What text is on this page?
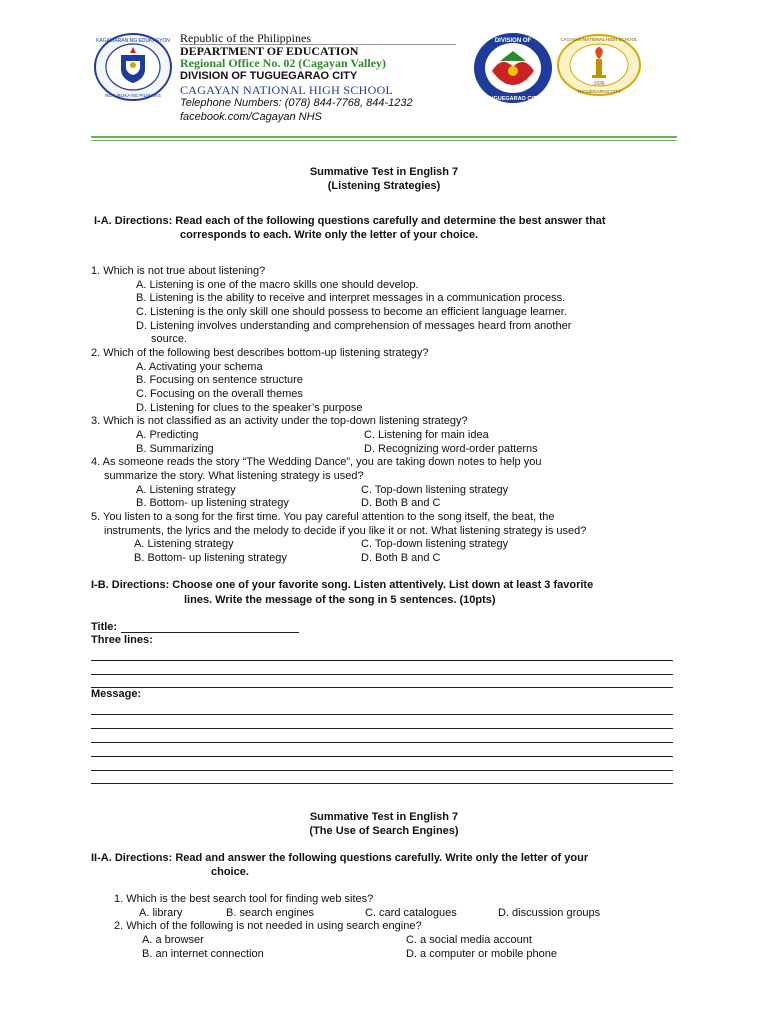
KAGAWARAN NG EDUKASYON
REPUBLIKA NG PILIPINAS
Republic of the Philippines
DEPARTMENT OF EDUCATION
Regional Office No. 02 (Cagayan Valley)
DIVISION OF TUGUEGARAO CITY
CAGAYAN NATIONAL HIGH SCHOOL
Telephone Numbers: (078) 844-7768, 844-1232
facebook.com/Cagayan NHS
DIVISION OF
TUGUEGARAO CITY
CAGAYAN NATIONAL HIGH SCHOOL
1926
TUGUEGARAO CITY
Summative Test in English 7
(Listening Strategies)
I-A. Directions: Read each of the following questions carefully and determine the best answer that
corresponds to each. Write only the letter of your choice.
1. Which is not true about listening?
A. Listening is one of the macro skills one should develop.
B. Listening is the ability to receive and interpret messages in a communication process.
C. Listening is the only skill one should possess to become an efficient language learner.
D. Listening involves understanding and comprehension of messages heard from another
source.
2. Which of the following best describes bottom-up listening strategy?
A. Activating your schema
B. Focusing on sentence structure
C. Focusing on the overall themes
D. Listening for clues to the speaker’s purpose
3. Which is not classified as an activity under the top-down listening strategy?
A. Predicting	C. Listening for main idea
B. Summarizing	D. Recognizing word-order patterns
4. As someone reads the story “The Wedding Dance”, you are taking down notes to help you
summarize the story. What listening strategy is used?
A. Listening strategy	C. Top-down listening strategy
B. Bottom- up listening strategy	D. Both B and C
5. You listen to a song for the first time. You pay careful attention to the song itself, the beat, the
instruments, the lyrics and the melody to decide if you like it or not. What listening strategy is used?
A. Listening strategy	C. Top-down listening strategy
B. Bottom- up listening strategy	D. Both B and C
I-B. Directions: Choose one of your favorite song. Listen attentively. List down at least 3 favorite
lines. Write the message of the song in 5 sentences. (10pts)
Title:
Three lines:
Message:
Summative Test in English 7
(The Use of Search Engines)
II-A. Directions: Read and answer the following questions carefully. Write only the letter of your
choice.
1. Which is the best search tool for finding web sites?
A. library	B. search engines	C. card catalogues	D. discussion groups
2. Which of the following is not needed in using search engine?
A. a browser	C. a social media account
B. an internet connection	D. a computer or mobile phone
